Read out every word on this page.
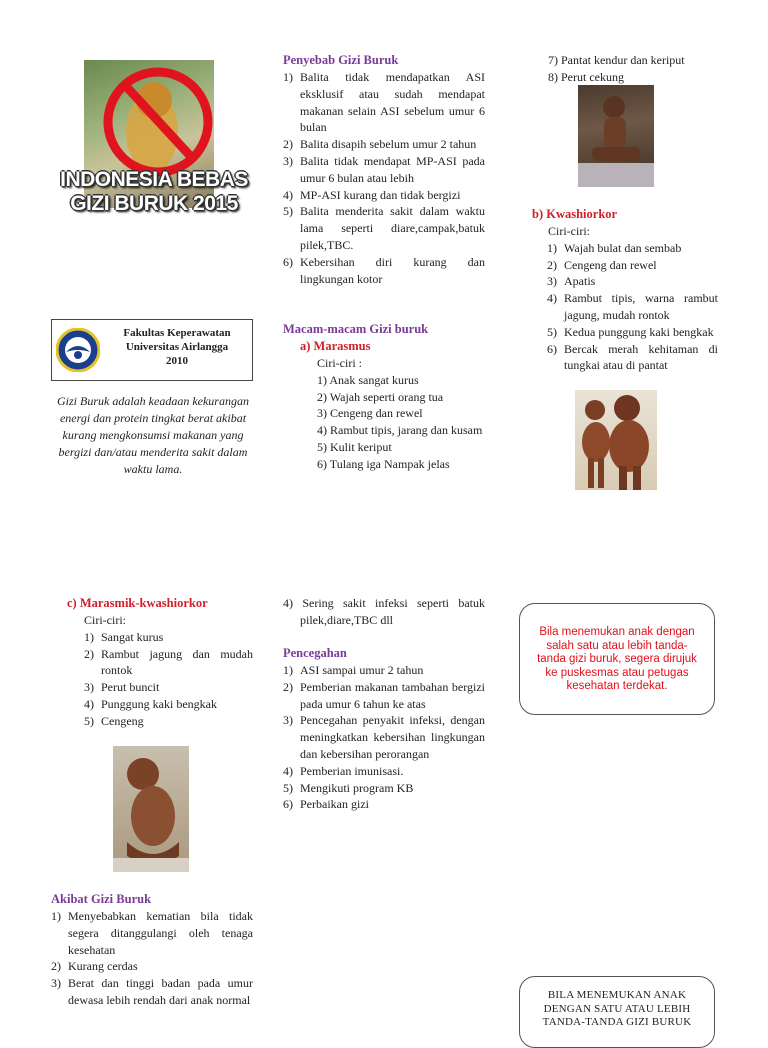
INDONESIA BEBAS
GIZI BURUK 2015
Fakultas Keperawatan
Universitas Airlangga
2010
Gizi Buruk adalah keadaan kekurangan energi dan protein tingkat berat akibat kurang mengkonsumsi makanan yang bergizi dan/atau menderita sakit dalam waktu lama.
Penyebab Gizi Buruk
1) Balita tidak mendapatkan ASI eksklusif atau sudah mendapat makanan selain ASI sebelum umur 6 bulan
2) Balita disapih sebelum umur 2 tahun
3) Balita tidak mendapat MP-ASI pada umur 6 bulan atau lebih
4) MP-ASI kurang dan tidak bergizi
5) Balita menderita sakit dalam waktu lama seperti diare,campak,batuk pilek,TBC.
6) Kebersihan diri kurang dan lingkungan kotor
Macam-macam Gizi buruk
a) Marasmus
Ciri-ciri :
1) Anak sangat kurus
2) Wajah seperti orang tua
3) Cengeng dan rewel
4) Rambut tipis, jarang dan kusam
5) Kulit keriput
6) Tulang iga Nampak jelas
7) Pantat kendur dan keriput
8) Perut cekung
b) Kwashiorkor
Ciri-ciri:
1) Wajah bulat dan sembab
2) Cengeng dan rewel
3) Apatis
4) Rambut tipis, warna rambut jagung, mudah rontok
5) Kedua punggung kaki bengkak
6) Bercak merah kehitaman di tungkai atau di pantat
c) Marasmik-kwashiorkor
Ciri-ciri:
1) Sangat kurus
2) Rambut jagung dan mudah rontok
3) Perut buncit
4) Punggung kaki bengkak
5) Cengeng
Akibat Gizi Buruk
1) Menyebabkan kematian bila tidak segera ditanggulangi oleh tenaga kesehatan
2) Kurang cerdas
3) Berat dan tinggi badan pada umur dewasa lebih rendah dari anak normal
4) Sering sakit infeksi seperti batuk pilek,diare,TBC dll
Pencegahan
1) ASI sampai umur 2 tahun
2) Pemberian makanan tambahan bergizi pada umur 6 tahun ke atas
3) Pencegahan penyakit infeksi, dengan meningkatkan kebersihan lingkungan dan kebersihan perorangan
4) Pemberian imunisasi.
5) Mengikuti program KB
6) Perbaikan gizi
Bila menemukan anak dengan salah satu atau lebih tanda-tanda gizi buruk, segera dirujuk ke puskesmas atau petugas kesehatan terdekat.
BILA MENEMUKAN ANAK DENGAN SATU ATAU LEBIH TANDA-TANDA GIZI BURUK
